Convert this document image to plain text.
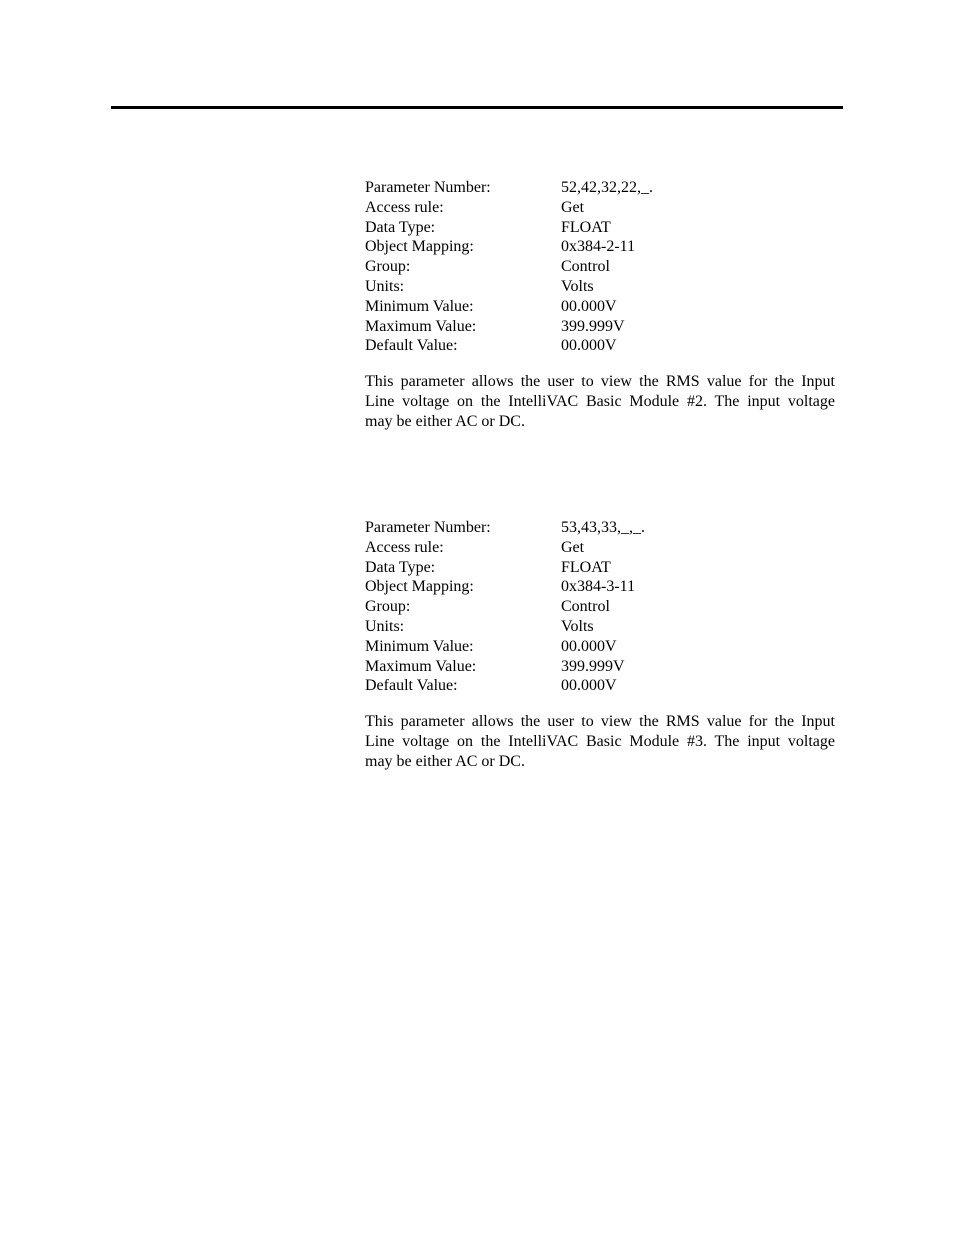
Parameter Number:	52,42,32,22,_.
Access rule:	Get
Data Type:	FLOAT
Object Mapping:	0x384-2-11
Group:	Control
Units:	Volts
Minimum Value:	00.000V
Maximum Value:	399.999V
Default Value:	00.000V
This parameter allows the user to view the RMS value for the Input
Line voltage on the IntelliVAC Basic Module #2. The input voltage
may be either AC or DC.
Parameter Number:	53,43,33,_,_.
Access rule:	Get
Data Type:	FLOAT
Object Mapping:	0x384-3-11
Group:	Control
Units:	Volts
Minimum Value:	00.000V
Maximum Value:	399.999V
Default Value:	00.000V
This parameter allows the user to view the RMS value for the Input
Line voltage on the IntelliVAC Basic Module #3. The input voltage
may be either AC or DC.
